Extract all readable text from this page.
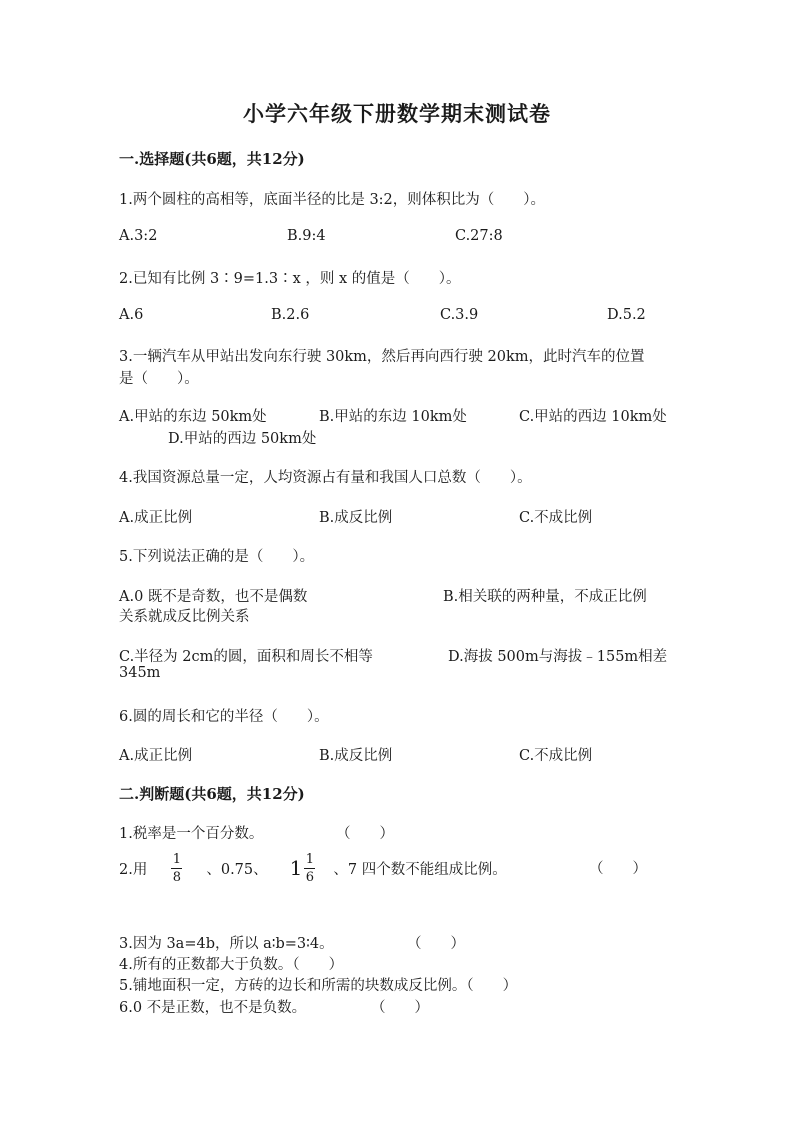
小学六年级下册数学期末测试卷
一.选择题(共6题，共12分)
1.两个圆柱的高相等，底面半径的比是 3:2，则体积比为（　　）。
A.3:2	B.9:4	C.27:8
2.已知有比例 3∶9=1.3∶x ，则 x 的值是（　　）。
A.6	B.2.6	C.3.9	D.5.2
3.一辆汽车从甲站出发向东行驶 30km，然后再向西行驶 20km，此时汽车的位置
是（　　）。
A.甲站的东边 50km处	B.甲站的东边 10km处	C.甲站的西边 10km处
D.甲站的西边 50km处
4.我国资源总量一定，人均资源占有量和我国人口总数（　　）。
A.成正比例	B.成反比例	C.不成比例
5.下列说法正确的是（　　）。
A.0 既不是奇数，也不是偶数	B.相关联的两种量，不成正比例
关系就成反比例关系
C.半径为 2cm的圆，面积和周长不相等	D.海拔 500m与海拔﹣155m相差
345m
6.圆的周长和它的半径（　　）。
A.成正比例	B.成反比例	C.不成比例
二.判断题(共6题，共12分)
1.税率是一个百分数。	（　　）
2.用 $\frac{1}{8}$ 、0.75、 $1 \frac{1}{6}$ 、7 四个数不能组成比例。	（　　）
3.因为 3a=4b，所以 a∶b=3∶4。	（　　）
4.所有的正数都大于负数。（　　）
5.铺地面积一定，方砖的边长和所需的块数成反比例。（　　）
6.0 不是正数，也不是负数。	（　　）
